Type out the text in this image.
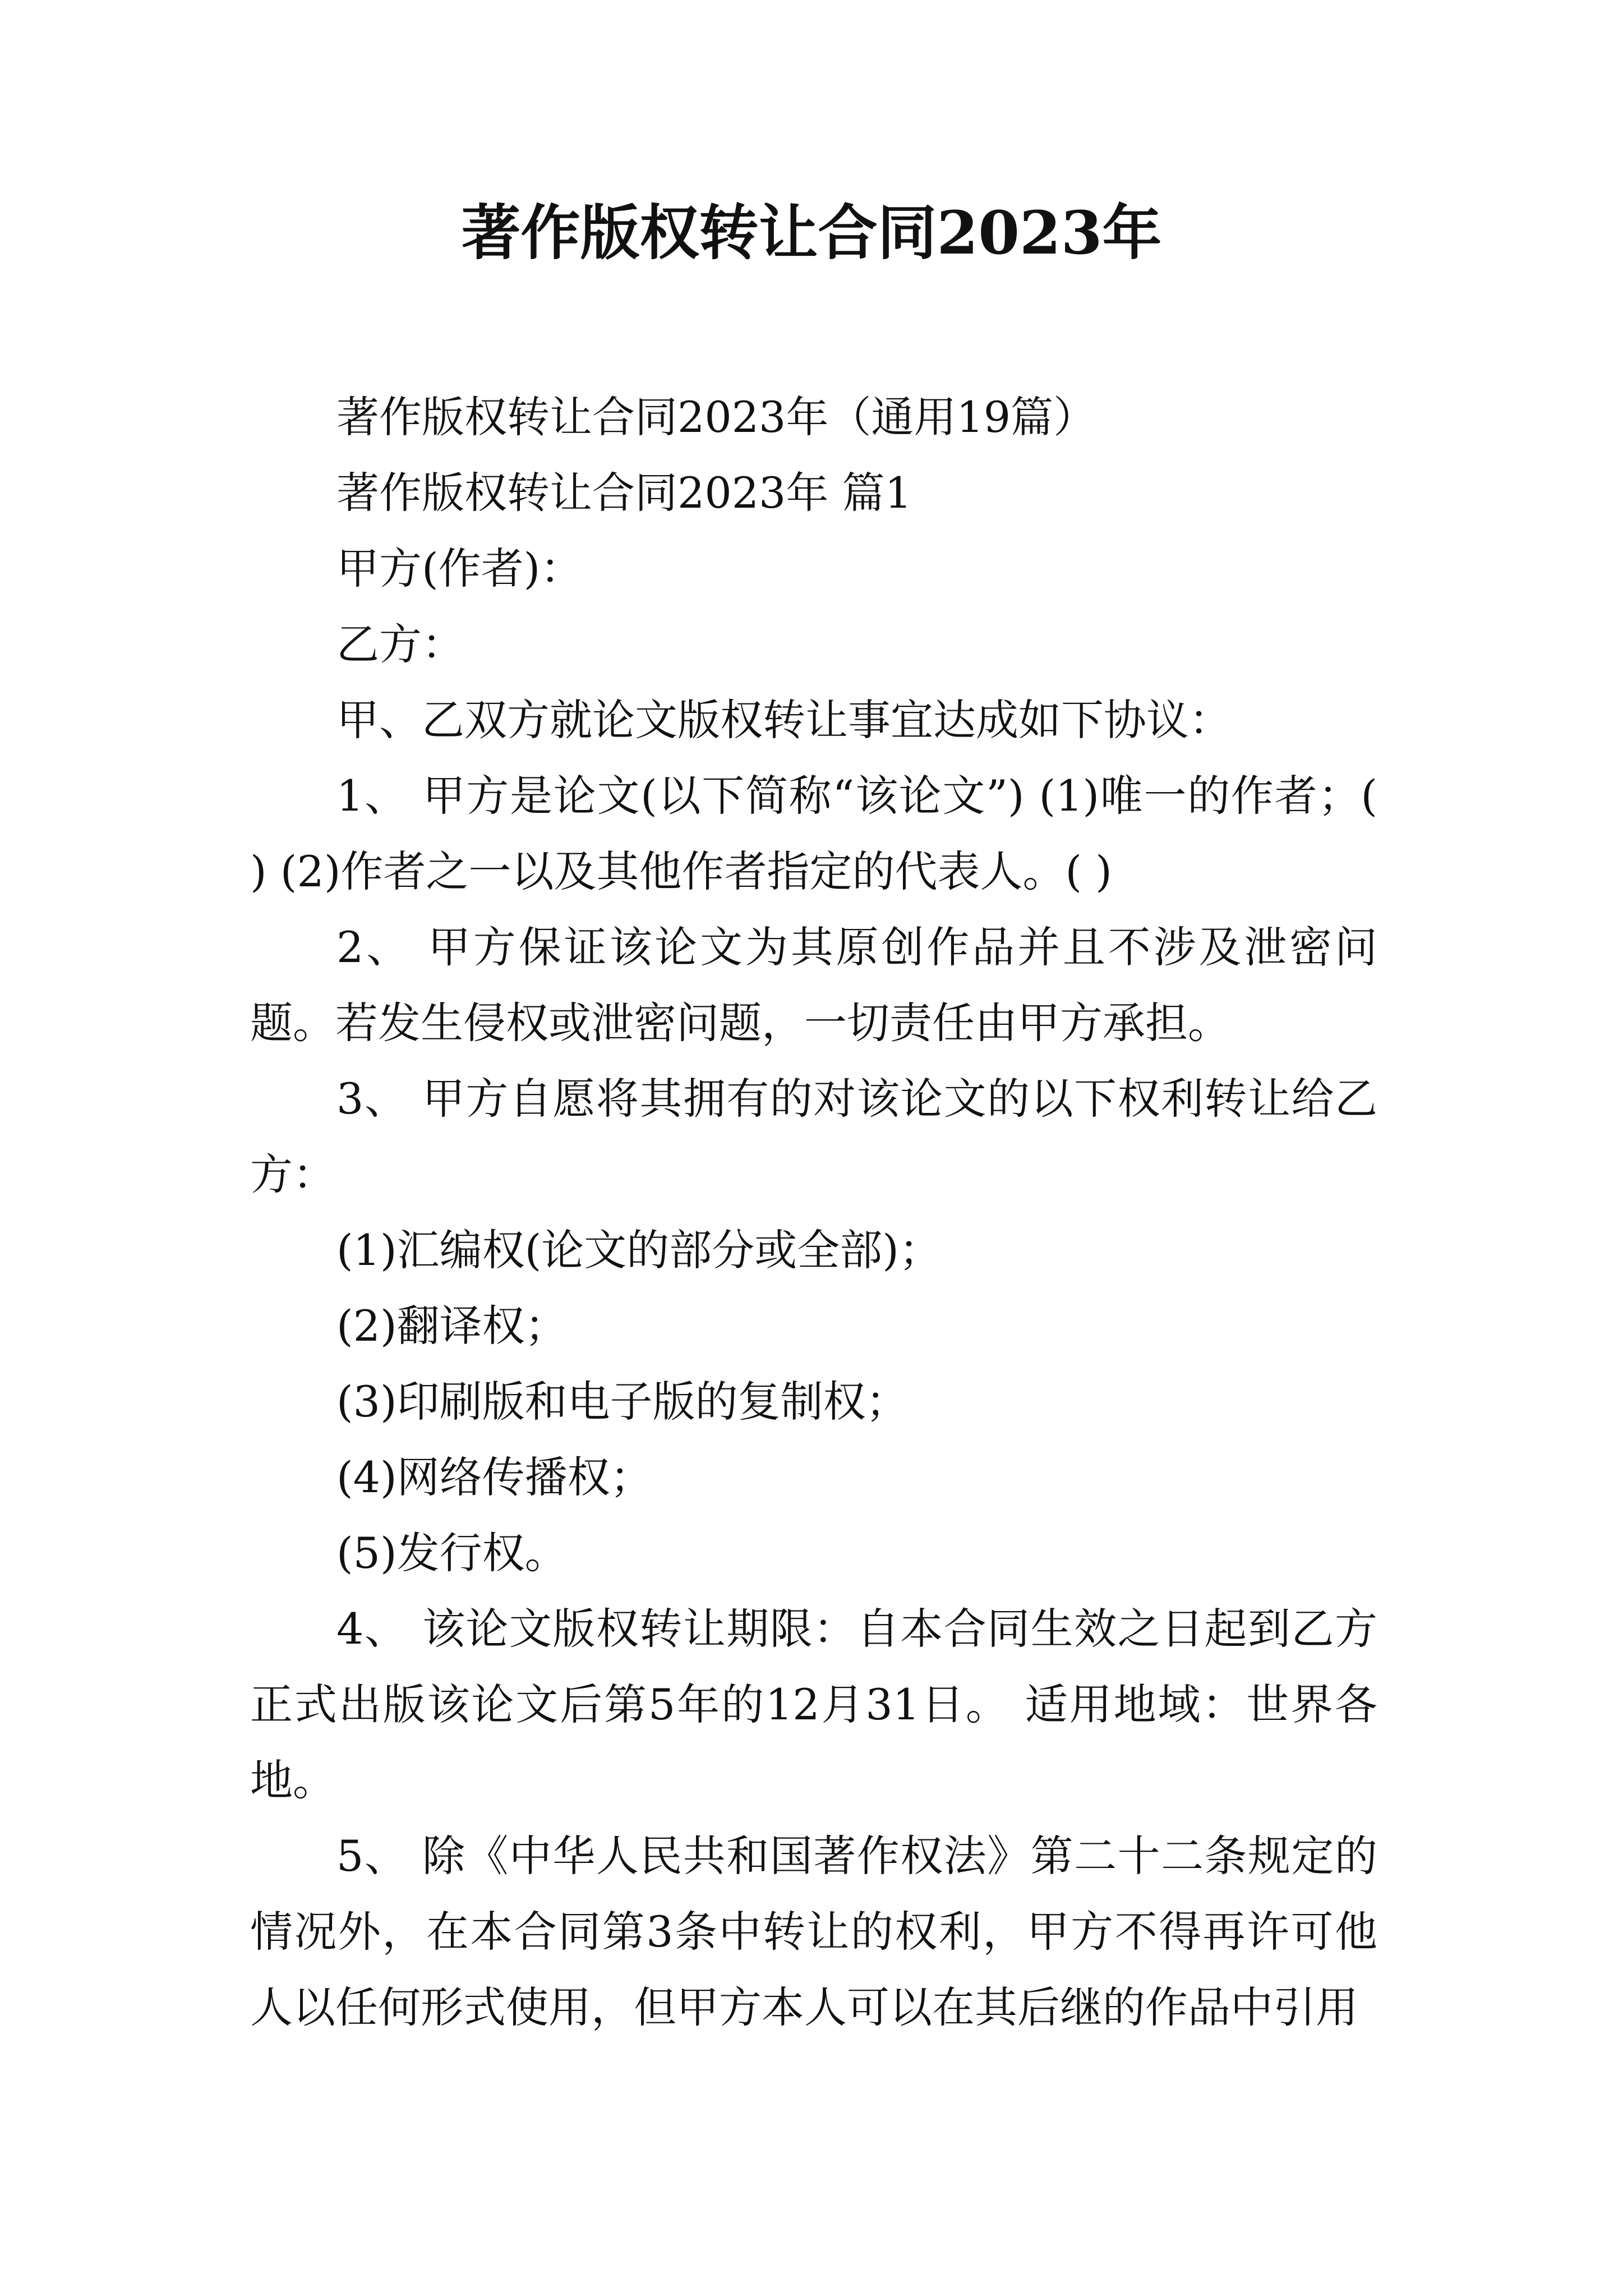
著作版权转让合同2023年

著作版权转让合同2023年（通用19篇）

著作版权转让合同2023年 篇1

甲方(作者)：

乙方：

甲、乙双方就论文版权转让事宜达成如下协议：

1、 甲方是论文(以下简称“该论文”) (1)唯一的作者；( ) (2)作者之一以及其他作者指定的代表人。( )

2、 甲方保证该论文为其原创作品并且不涉及泄密问题。若发生侵权或泄密问题，一切责任由甲方承担。

3、 甲方自愿将其拥有的对该论文的以下权利转让给乙方：

(1)汇编权(论文的部分或全部)；

(2)翻译权；

(3)印刷版和电子版的复制权；

(4)网络传播权；

(5)发行权。

4、 该论文版权转让期限：自本合同生效之日起到乙方正式出版该论文后第5年的12月31日。 适用地域：世界各地。

5、 除《中华人民共和国著作权法》第二十二条规定的情况外，在本合同第3条中转让的权利，甲方不得再许可他人以任何形式使用，但甲方本人可以在其后继的作品中引用
